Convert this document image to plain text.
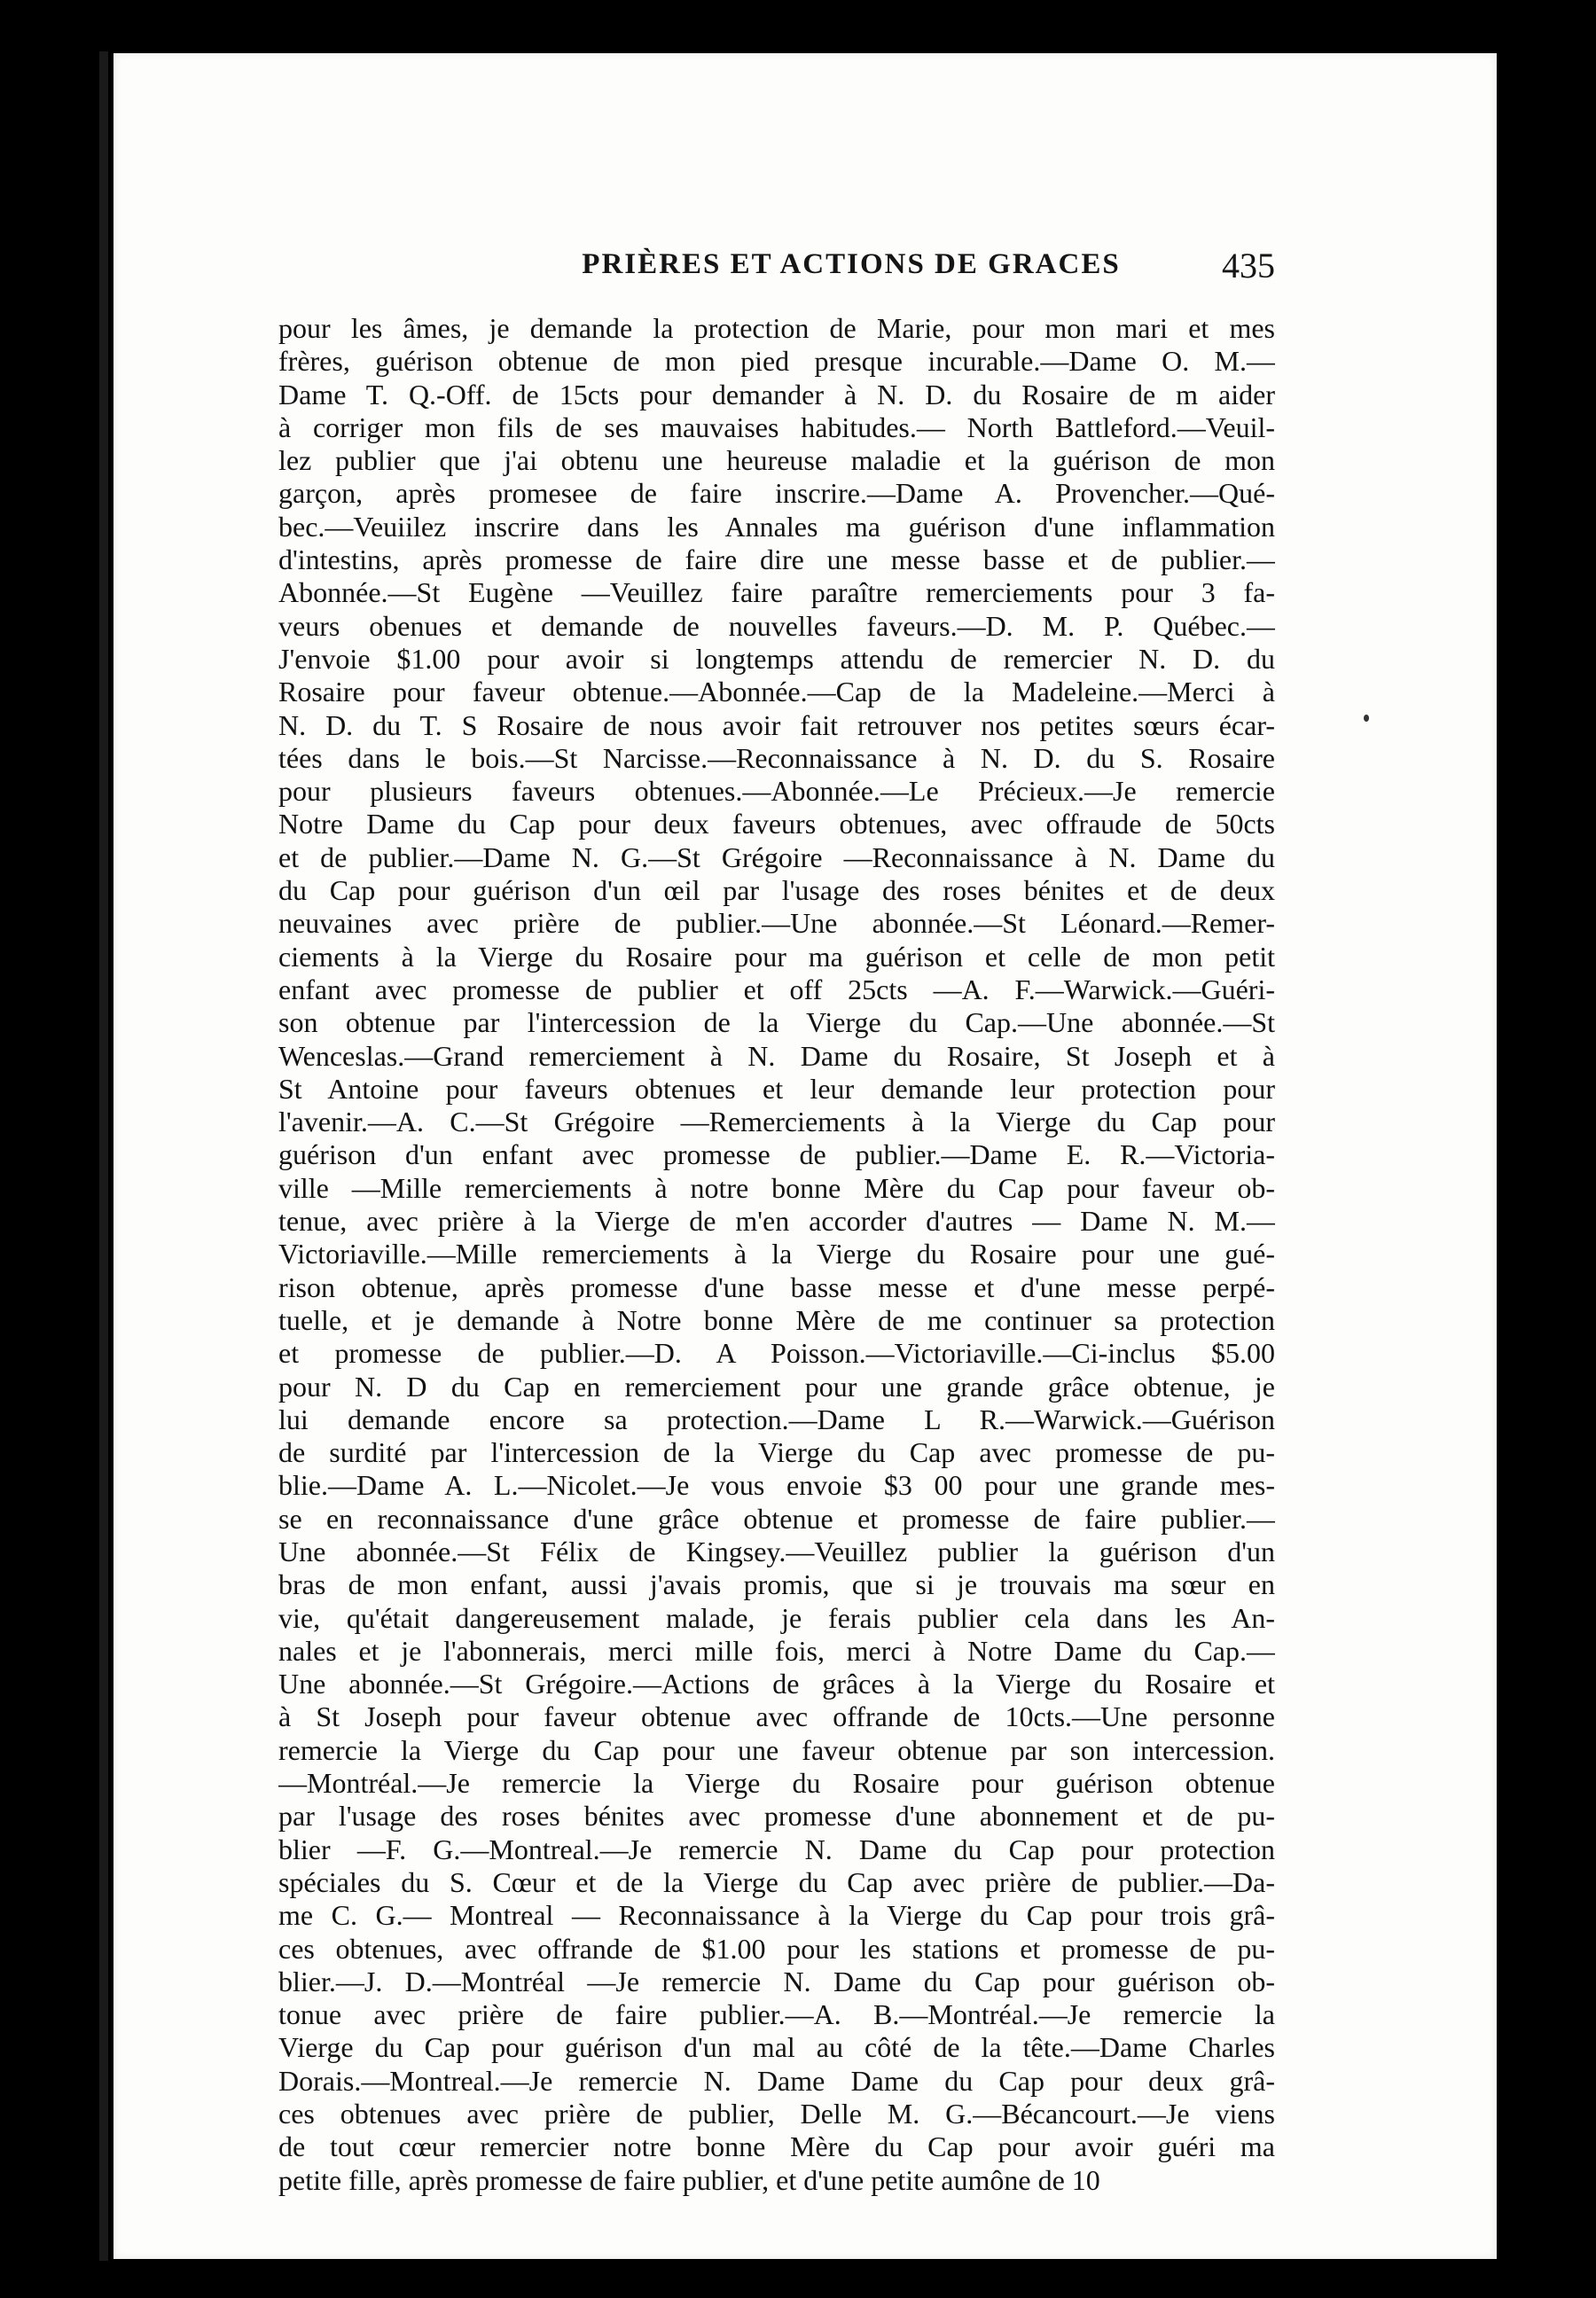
PRIÈRES ET ACTIONS DE GRACES	435
pour les âmes, je demande la protection de Marie, pour mon mari et mes
frères, guérison obtenue de mon pied presque incurable.—Dame O. M.—
Dame T. Q.-Off. de 15cts pour demander à N. D. du Rosaire de m aider
à corriger mon fils de ses mauvaises habitudes.— North Battleford.—Veuil-
lez publier que j'ai obtenu une heureuse maladie et la guérison de mon
garçon, après promesee de faire inscrire.—Dame A. Provencher.—Qué-
bec.—Veuiilez inscrire dans les Annales ma guérison d'une inflammation
d'intestins, après promesse de faire dire une messe basse et de publier.—
Abonnée.—St Eugène —Veuillez faire paraître remerciements pour 3 fa-
veurs obenues et demande de nouvelles faveurs.—D. M. P. Québec.—
J'envoie $1.00 pour avoir si longtemps attendu de remercier N. D. du
Rosaire pour faveur obtenue.—Abonnée.—Cap de la Madeleine.—Merci à
N. D. du T. S Rosaire de nous avoir fait retrouver nos petites sœurs écar-
tées dans le bois.—St Narcisse.—Reconnaissance à N. D. du S. Rosaire
pour plusieurs faveurs obtenues.—Abonnée.—Le Précieux.—Je remercie
Notre Dame du Cap pour deux faveurs obtenues, avec offraude de 50cts
et de publier.—Dame N. G.—St Grégoire —Reconnaissance à N. Dame du
du Cap pour guérison d'un œil par l'usage des roses bénites et de deux
neuvaines avec prière de publier.—Une abonnée.—St Léonard.—Remer-
ciements à la Vierge du Rosaire pour ma guérison et celle de mon petit
enfant avec promesse de publier et off 25cts —A. F.—Warwick.—Guéri-
son obtenue par l'intercession de la Vierge du Cap.—Une abonnée.—St
Wenceslas.—Grand remerciement à N. Dame du Rosaire, St Joseph et à
St Antoine pour faveurs obtenues et leur demande leur protection pour
l'avenir.—A. C.—St Grégoire —Remerciements à la Vierge du Cap pour
guérison d'un enfant avec promesse de publier.—Dame E. R.—Victoria-
ville —Mille remerciements à notre bonne Mère du Cap pour faveur ob-
tenue, avec prière à la Vierge de m'en accorder d'autres — Dame N. M.—
Victoriaville.—Mille remerciements à la Vierge du Rosaire pour une gué-
rison obtenue, après promesse d'une basse messe et d'une messe perpé-
tuelle, et je demande à Notre bonne Mère de me continuer sa protection
et promesse de publier.—D. A Poisson.—Victoriaville.—Ci-inclus $5.00
pour N. D du Cap en remerciement pour une grande grâce obtenue, je
lui demande encore sa protection.—Dame L R.—Warwick.—Guérison
de surdité par l'intercession de la Vierge du Cap avec promesse de pu-
blie.—Dame A. L.—Nicolet.—Je vous envoie $3 00 pour une grande mes-
se en reconnaissance d'une grâce obtenue et promesse de faire publier.—
Une abonnée.—St Félix de Kingsey.—Veuillez publier la guérison d'un
bras de mon enfant, aussi j'avais promis, que si je trouvais ma sœur en
vie, qu'était dangereusement malade, je ferais publier cela dans les An-
nales et je l'abonnerais, merci mille fois, merci à Notre Dame du Cap.—
Une abonnée.—St Grégoire.—Actions de grâces à la Vierge du Rosaire et
à St Joseph pour faveur obtenue avec offrande de 10cts.—Une personne
remercie la Vierge du Cap pour une faveur obtenue par son intercession.
—Montréal.—Je remercie la Vierge du Rosaire pour guérison obtenue
par l'usage des roses bénites avec promesse d'une abonnement et de pu-
blier —F. G.—Montreal.—Je remercie N. Dame du Cap pour protection
spéciales du S. Cœur et de la Vierge du Cap avec prière de publier.—Da-
me C. G.— Montreal — Reconnaissance à la Vierge du Cap pour trois grâ-
ces obtenues, avec offrande de $1.00 pour les stations et promesse de pu-
blier.—J. D.—Montréal —Je remercie N. Dame du Cap pour guérison ob-
tonue avec prière de faire publier.—A. B.—Montréal.—Je remercie la
Vierge du Cap pour guérison d'un mal au côté de la tête.—Dame Charles
Dorais.—Montreal.—Je remercie N. Dame Dame du Cap pour deux grâ-
ces obtenues avec prière de publier, Delle M. G.—Bécancourt.—Je viens
de tout cœur remercier notre bonne Mère du Cap pour avoir guéri ma
petite fille, après promesse de faire publier, et d'une petite aumône de 10
